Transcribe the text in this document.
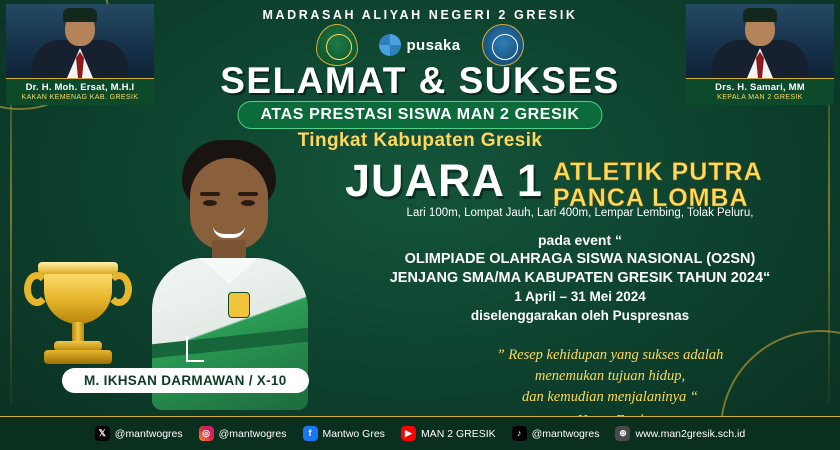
MADRASAH ALIYAH NEGERI 2 GRESIK
pusaka
Dr. H. Moh. Ersat, M.H.I
KAKAN KEMENAG KAB. GRESIK
Drs. H. Samari, MM
KEPALA MAN 2 GRESIK
SELAMAT & SUKSES
ATAS PRESTASI SISWA MAN 2 GRESIK
Tingkat Kabupaten Gresik
JUARA 1 ATLETIK PUTRA
PANCA LOMBA
Lari 100m, Lompat Jauh, Lari 400m, Lempar Lembing, Tolak Peluru,
pada event “
OLIMPIADE OLAHRAGA SISWA NASIONAL (O2SN)
JENJANG SMA/MA KABUPATEN GRESIK TAHUN 2024“
1 April – 31 Mei 2024
diselenggarakan oleh Puspresnas
” Resep kehidupan yang sukses adalah
menemukan tujuan hidup,
dan kemudian menjalaninya “
M. IKHSAN DARMAWAN / X-10
𝕏 @mantwogres	◎ @mantwogres	f	Mantwo Gres	▶ MAN 2 GRESIK	♪ @mantwogres	⊕ www.man2gresik.sch.id
